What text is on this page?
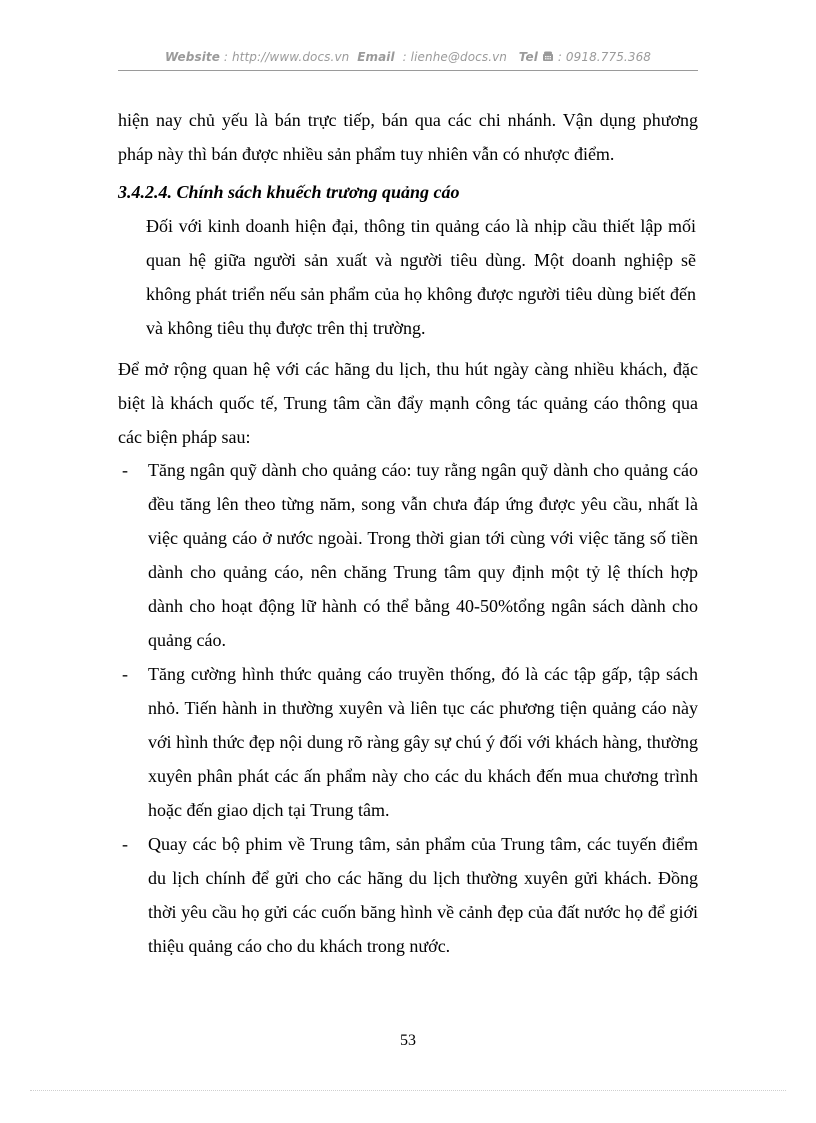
Website : http://www.docs.vn Email : lienhe@docs.vn Tel : 0918.775.368
hiện nay chủ yếu là bán trực tiếp, bán qua các chi nhánh. Vận dụng phương pháp này thì bán được nhiều sản phẩm tuy nhiên vẫn có nhược điểm.
3.4.2.4. Chính sách khuếch trương quảng cáo
Đối với kinh doanh hiện đại, thông tin quảng cáo là nhịp cầu thiết lập mối quan hệ giữa người sản xuất và người tiêu dùng. Một doanh nghiệp sẽ không phát triển nếu sản phẩm của họ không được người tiêu dùng biết đến và không tiêu thụ được trên thị trường.
Để mở rộng quan hệ với các hãng du lịch, thu hút ngày càng nhiều khách, đặc biệt là khách quốc tế, Trung tâm cần đẩy mạnh công tác quảng cáo thông qua các biện pháp sau:
- Tăng ngân quỹ dành cho quảng cáo: tuy rằng ngân quỹ dành cho quảng cáo đều tăng lên theo từng năm, song vẫn chưa đáp ứng được yêu cầu, nhất là việc quảng cáo ở nước ngoài. Trong thời gian tới cùng với việc tăng số tiền dành cho quảng cáo, nên chăng Trung tâm quy định một tỷ lệ thích hợp dành cho hoạt động lữ hành có thể bằng 40-50%tổng ngân sách dành cho quảng cáo.
- Tăng cường hình thức quảng cáo truyền thống, đó là các tập gấp, tập sách nhỏ. Tiến hành in thường xuyên và liên tục các phương tiện quảng cáo này với hình thức đẹp nội dung rõ ràng gây sự chú ý đối với khách hàng, thường xuyên phân phát các ấn phẩm này cho các du khách đến mua chương trình hoặc đến giao dịch tại Trung tâm.
- Quay các bộ phim về Trung tâm, sản phẩm của Trung tâm, các tuyến điểm du lịch chính để gửi cho các hãng du lịch thường xuyên gửi khách. Đồng thời yêu cầu họ gửi các cuốn băng hình về cảnh đẹp của đất nước họ để giới thiệu quảng cáo cho du khách trong nước.
53
